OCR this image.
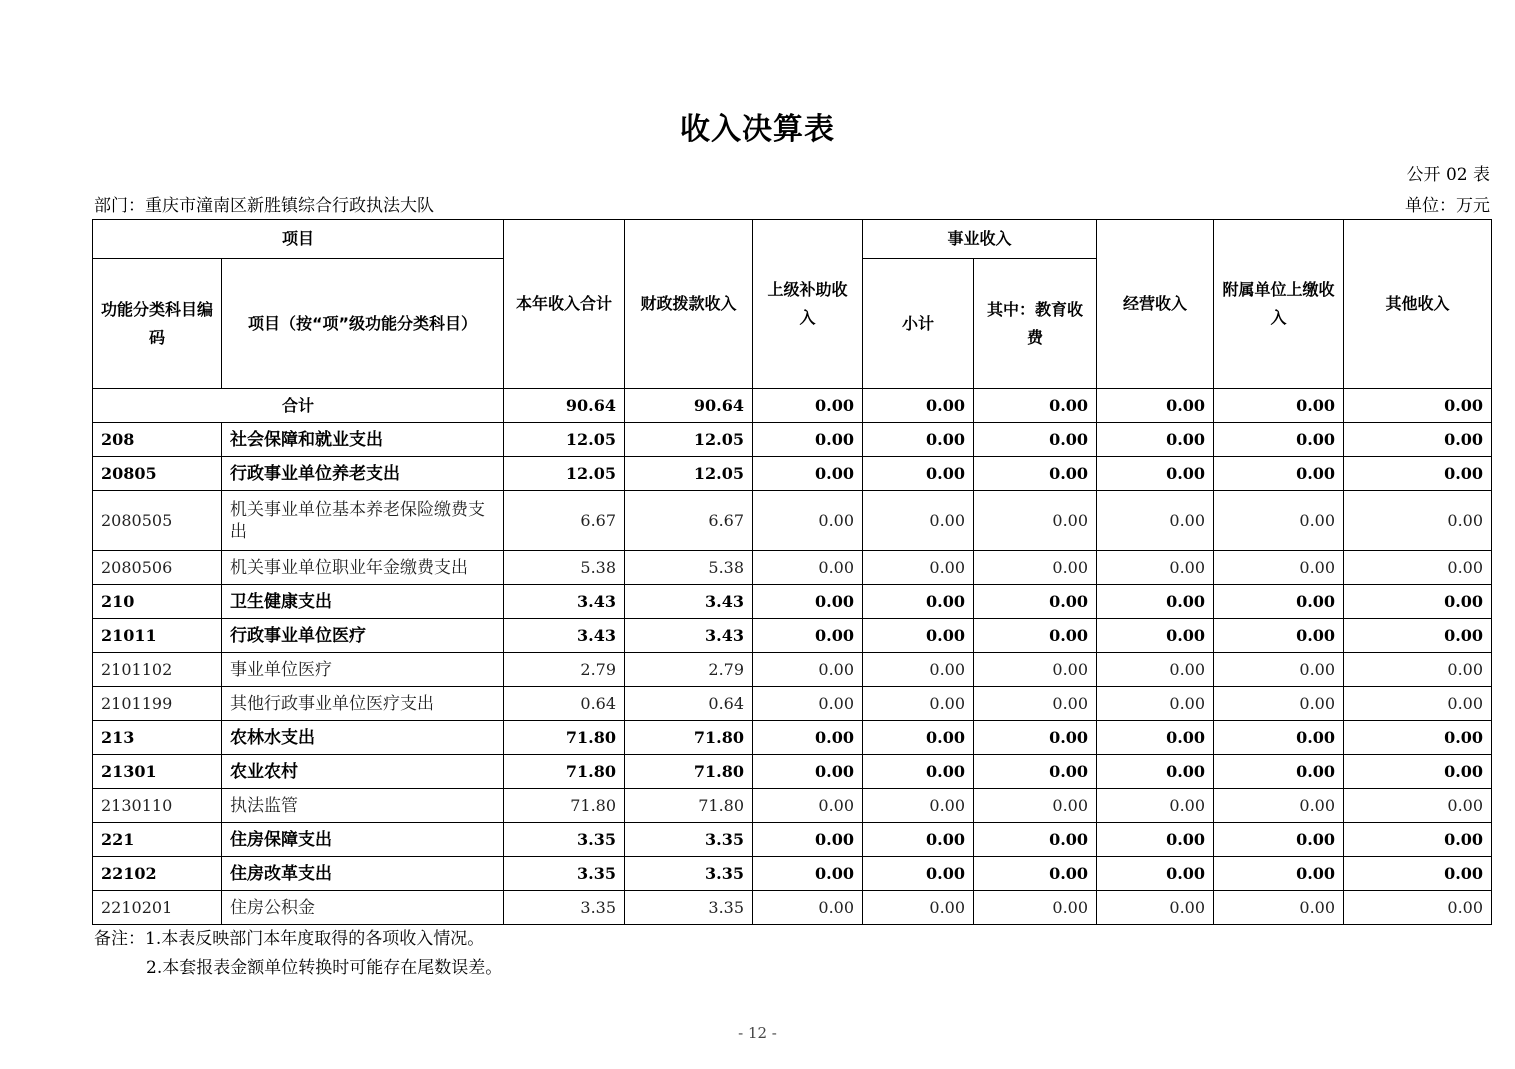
收入决算表
公开 02 表
部门：重庆市潼南区新胜镇综合行政执法大队	单位：万元
项目		本年收入合计	财政拨款收入	上级补助收入	事业收入		经营收入	附属单位上缴收入	其他收入
功能分类科目编码	项目（按“项”级功能分类科目）				小计	其中：教育收费			
合计		90.64	90.64	0.00	0.00	0.00	0.00	0.00	0.00
208	社会保障和就业支出	12.05	12.05	0.00	0.00	0.00	0.00	0.00	0.00
20805	行政事业单位养老支出	12.05	12.05	0.00	0.00	0.00	0.00	0.00	0.00
2080505	机关事业单位基本养老保险缴费支出	6.67	6.67	0.00	0.00	0.00	0.00	0.00	0.00
2080506	机关事业单位职业年金缴费支出	5.38	5.38	0.00	0.00	0.00	0.00	0.00	0.00
210	卫生健康支出	3.43	3.43	0.00	0.00	0.00	0.00	0.00	0.00
21011	行政事业单位医疗	3.43	3.43	0.00	0.00	0.00	0.00	0.00	0.00
2101102	事业单位医疗	2.79	2.79	0.00	0.00	0.00	0.00	0.00	0.00
2101199	其他行政事业单位医疗支出	0.64	0.64	0.00	0.00	0.00	0.00	0.00	0.00
213	农林水支出	71.80	71.80	0.00	0.00	0.00	0.00	0.00	0.00
21301	农业农村	71.80	71.80	0.00	0.00	0.00	0.00	0.00	0.00
2130110	执法监管	71.80	71.80	0.00	0.00	0.00	0.00	0.00	0.00
221	住房保障支出	3.35	3.35	0.00	0.00	0.00	0.00	0.00	0.00
22102	住房改革支出	3.35	3.35	0.00	0.00	0.00	0.00	0.00	0.00
2210201	住房公积金	3.35	3.35	0.00	0.00	0.00	0.00	0.00	0.00
备注：1.本表反映部门本年度取得的各项收入情况。
2.本套报表金额单位转换时可能存在尾数误差。
- 12 -
